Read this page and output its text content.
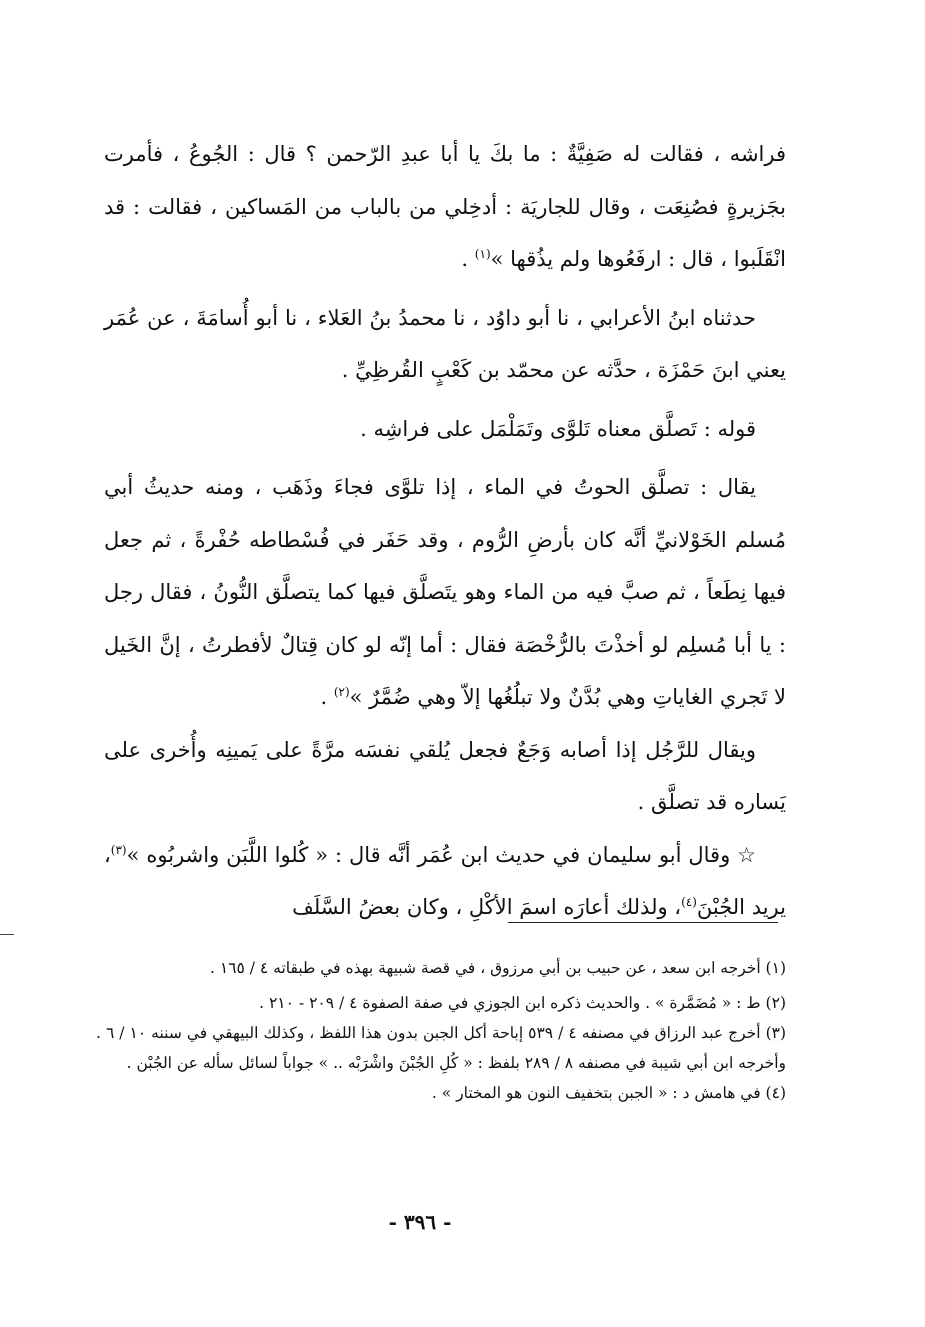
فراشه ، فقالت له صَفِيَّةٌ : ما بكَ يا أبا عبدِ الرّحمن ؟ قال : الجُوعُ ، فأمرت بجَزيرةٍ فصُنِعَت ، وقال للجاريَة : أدخِلي من بالباب من المَساكين ، فقالت : قد انْقَلَبوا ، قال : ارفَعُوها ولم يذُقها »$^{(١)}$ .

حدثناه ابنُ الأعرابي ، نا أبو داوُد ، نا محمدُ بنُ العَلاء ، نا أبو أُسامَةَ ، عن عُمَر يعني ابنَ حَمْزَة ، حدَّثه عن محمّد بن كَعْبٍ القُرظِيِّ .

قوله : تَصلَّق معناه تَلوَّى وتَمَلْمَل على فراشِه .

يقال : تصلَّق الحوتُ في الماء ، إذا تلوَّى فجاءَ وذَهَب ، ومنه حديثُ أبي مُسلم الخَوْلانيِّ أنَّه كان بأرضِ الرُّوم ، وقد حَفَر في فُسْطاطه حُفْرةً ، ثم جعل فيها نِطَعاً ، ثم صبَّ فيه من الماء وهو يتَصلَّق فيها كما يتصلَّق النُّونُ ، فقال رجل : يا أبا مُسلِم لو أخذْتَ بالرُّخْصَة فقال : أما إنّه لو كان قِتالٌ لأفطرتُ ، إنَّ الخَيل لا تَجري الغاياتِ وهي بُدَّنٌ ولا تبلُغُها إلاّ وهي ضُمَّرٌ »$^{(٢)}$ .

ويقال للرَّجُل إذا أصابه وَجَعٌ فجعل يُلقي نفسَه مرَّةً على يَمينِه وأُخرى على يَساره قد تصلَّق .

☆ وقال أبو سليمان في حديث ابن عُمَر أنَّه قال : « كُلوا اللَّبَن واشربُوه »$^{(٣)}$، يريد الجُبْنَ$^{(٤)}$، ولذلك أعارَه اسمَ الأكْلِ ، وكان بعضُ السَّلَف

(١) أخرجه ابن سعد ، عن حبيب بن أبي مرزوق ، في قصة شبيهة بهذه في طبقاته ٤ / ١٦٥ .

(٢) ط : « مُضَمَّرة » . والحديث ذكره ابن الجوزي في صفة الصفوة ٤ / ٢٠٩ - ٢١٠ .

(٣) أخرج عبد الرزاق في مصنفه ٤ / ٥٣٩ إباحة أكل الجبن بدون هذا اللفظ ، وكذلك البيهقي في سننه ١٠ / ٦ . وأخرجه ابن أبي شيبة في مصنفه ٨ / ٢٨٩ بلفظ : « كُلِ الجُبْنَ واشْرَبْه .. » جواباً لسائل سأله عن الجُبْن .

(٤) في هامش د : « الجبن بتخفيف النون هو المختار » .

- ٣٩٦ -
